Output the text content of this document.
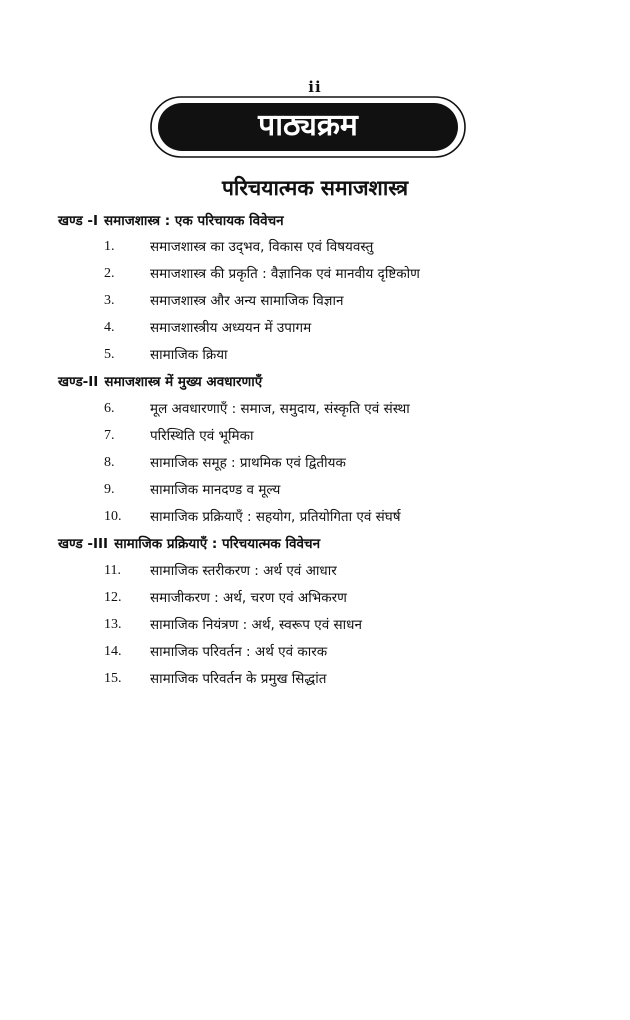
ii
पाठ्यक्रम
परिचयात्मक समाजशास्त्र
खण्ड -I समाजशास्त्र : एक परिचायक विवेचन
1.	समाजशास्त्र का उद्‌भव, विकास एवं विषयवस्तु
2.	समाजशास्त्र की प्रकृति : वैज्ञानिक एवं मानवीय दृष्टिकोण
3.	समाजशास्त्र और अन्य सामाजिक विज्ञान
4.	समाजशास्त्रीय अध्ययन में उपागम
5.	सामाजिक क्रिया
खण्ड-II समाजशास्त्र में मुख्य अवधारणाएँ
6.	मूल अवधारणाएँ : समाज, समुदाय, संस्कृति एवं संस्था
7.	परिस्थिति एवं भूमिका
8.	सामाजिक समूह : प्राथमिक एवं द्वितीयक
9.	सामाजिक मानदण्ड व मूल्य
10. सामाजिक प्रक्रियाएँ : सहयोग, प्रतियोगिता एवं संघर्ष
खण्ड -III सामाजिक प्रक्रियाएँ : परिचयात्मक विवेचन
11. सामाजिक स्तरीकरण : अर्थ एवं आधार
12. समाजीकरण : अर्थ, चरण एवं अभिकरण
13. सामाजिक नियंत्रण : अर्थ, स्वरूप एवं साधन
14. सामाजिक परिवर्तन : अर्थ एवं कारक
15. सामाजिक परिवर्तन के प्रमुख सिद्धांत
